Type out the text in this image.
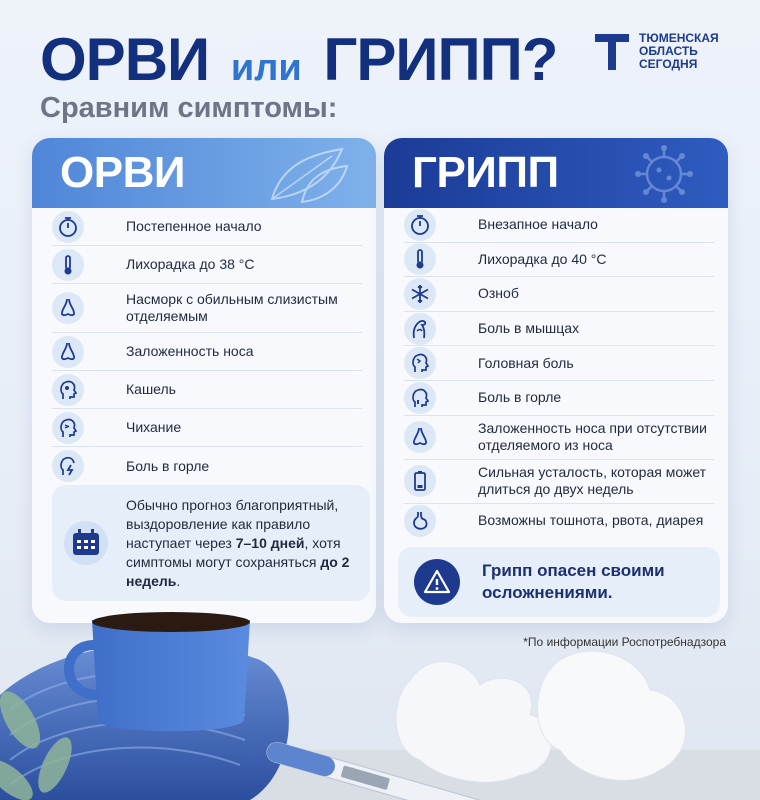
ОРВИ или ГРИПП?
Сравним симптомы:
ТЮМЕНСКАЯ
ОБЛАСТЬ
СЕГОДНЯ
ОРВИ
Постепенное начало
Лихорадка до 38 °C
Насморк с обильным слизистым отделяемым
Заложенность носа
Кашель
Чихание
Боль в горле
Обычно прогноз благоприятный, выздоровление как правило наступает через 7–10 дней, хотя симптомы могут сохраняться до 2 недель.
ГРИПП
Внезапное начало
Лихорадка до 40 °C
Озноб
Боль в мышцах
Головная боль
Боль в горле
Заложенность носа при отсутствии отделяемого из носа
Сильная усталость, которая может длиться до двух недель
Возможны тошнота, рвота, диарея
Грипп опасен своими осложнениями.
*По информации Роспотребнадзора
